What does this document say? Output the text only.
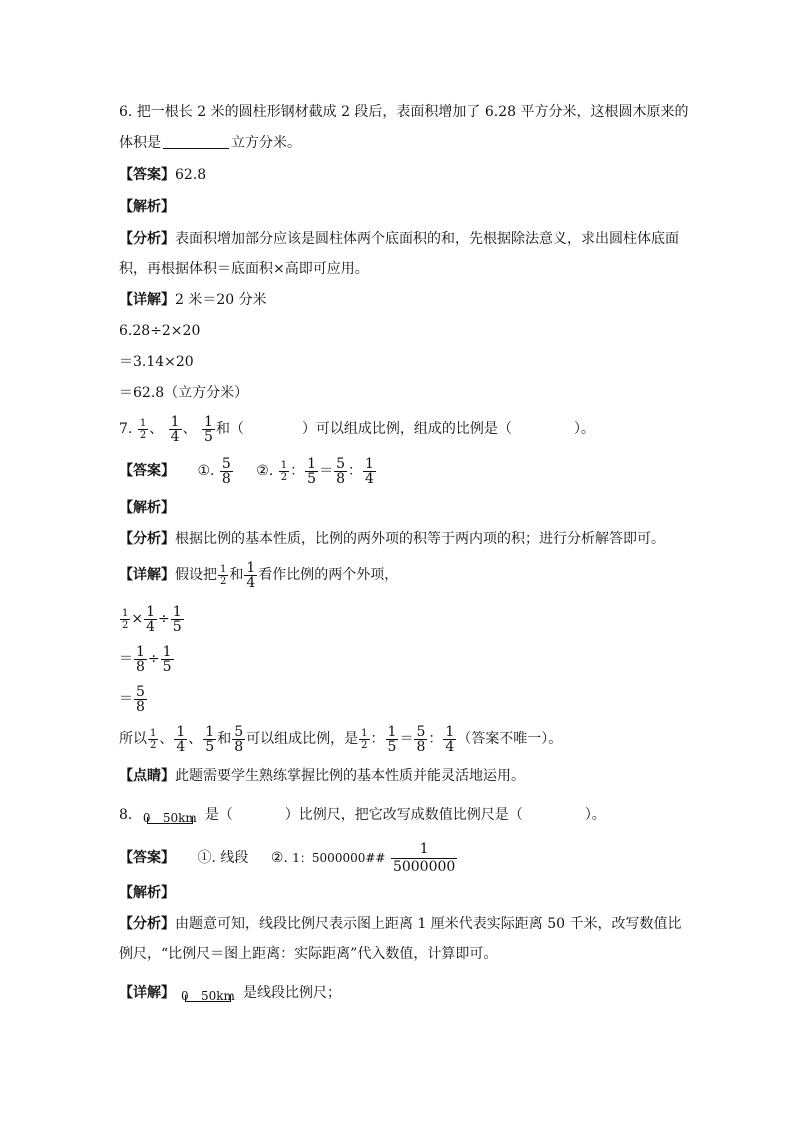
6. 把一根长 2 米的圆柱形钢材截成 2 段后，表面积增加了 6.28 平方分米，这根圆木原来的
体积是	立方分米。
【答案】62.8
【解析】
【分析】表面积增加部分应该是圆柱体两个底面积的和，先根据除法意义，求出圆柱体底面
积，再根据体积＝底面积×高即可应用。
【详解】2 米＝20 分米
6.28÷2×20
＝3.14×20
＝62.8（立方分米）
7. $\frac{1}{2}$ 、 $\frac{1}{4}$ 、 $\frac{1}{5}$ 和（	）可以组成比例，组成的比例是（	）。
【答案】 ①. $\frac{5}{8}$ ②. $\frac{1}{2}$ ： $\frac{1}{5} = \frac{5}{8}$ ： $\frac{1}{4}$
【解析】
【分析】根据比例的基本性质，比例的两外项的积等于两内项的积；进行分析解答即可。
【详解】假设把 $\frac{1}{2}$ 和 $\frac{1}{4}$ 看作比例的两个外项，
$\frac{1}{2} \times \frac{1}{4} \div \frac{1}{5}$
＝ $\frac{1}{8} \div \frac{1}{5}$
＝ $\frac{5}{8}$
所以 $\frac{1}{2}$ 、 $\frac{1}{4}$ 、 $\frac{1}{5}$ 和 $\frac{5}{8}$ 可以组成比例，是 $\frac{1}{2}$ ： $\frac{1}{5} = \frac{5}{8}$ ： $\frac{1}{4}$ （答案不唯一）。
【点睛】此题需要学生熟练掌握比例的基本性质并能灵活地运用。
8. 0 50km 是（	）比例尺，把它改写成数值比例尺是（	）。
【答案】 ①. 线段 ②. 1：5000000## $\frac{1}{5000000}$
【解析】
【分析】由题意可知，线段比例尺表示图上距离 1 厘米代表实际距离 50 千米，改写数值比
例尺，“比例尺＝图上距离：实际距离”代入数值，计算即可。
【详解】 0 50km 是线段比例尺；
